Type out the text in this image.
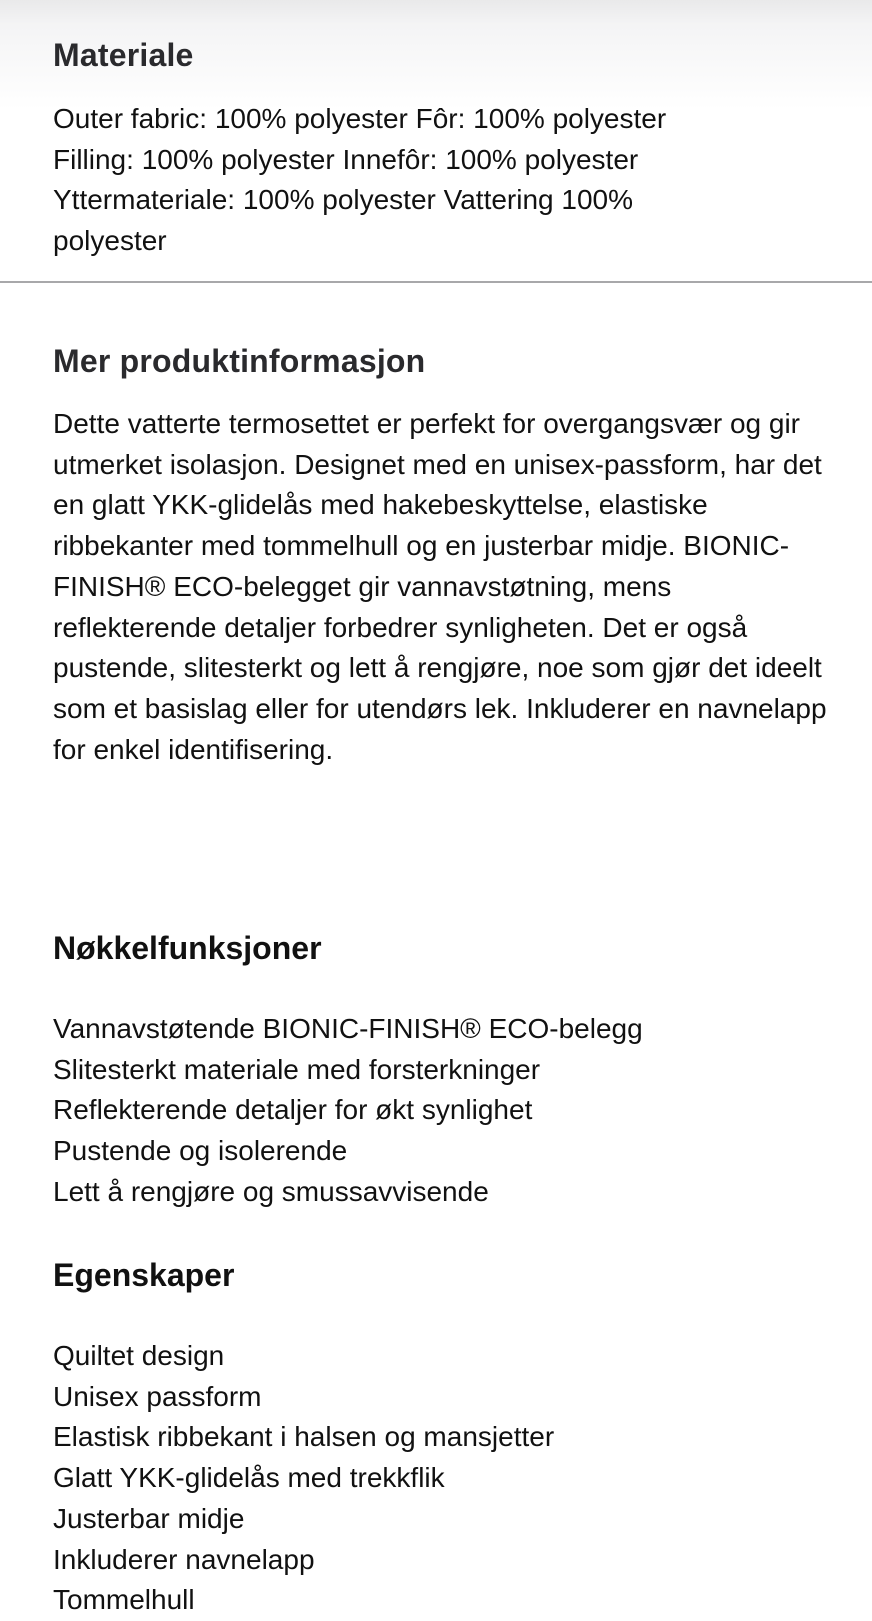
Materiale

Outer fabric: 100% polyester Fôr: 100% polyester Filling: 100% polyester Innefôr: 100% polyester Yttermateriale: 100% polyester Vattering 100% polyester

Mer produktinformasjon

Dette vatterte termosettet er perfekt for overgangsvær og gir utmerket isolasjon. Designet med en unisex-passform, har det en glatt YKK-glidelås med hakebeskyttelse, elastiske ribbekanter med tommelhull og en justerbar midje. BIONIC-FINISH® ECO-belegget gir vannavstøtning, mens reflekterende detaljer forbedrer synligheten. Det er også pustende, slitesterkt og lett å rengjøre, noe som gjør det ideelt som et basislag eller for utendørs lek. Inkluderer en navnelapp for enkel identifisering.

Nøkkelfunksjoner
Vannavstøtende BIONIC-FINISH® ECO-belegg
Slitesterkt materiale med forsterkninger
Reflekterende detaljer for økt synlighet
Pustende og isolerende
Lett å rengjøre og smussavvisende
Egenskaper
Quiltet design
Unisex passform
Elastisk ribbekant i halsen og mansjetter
Glatt YKK-glidelås med trekkflik
Justerbar midje
Inkluderer navnelapp
Tommelhull
